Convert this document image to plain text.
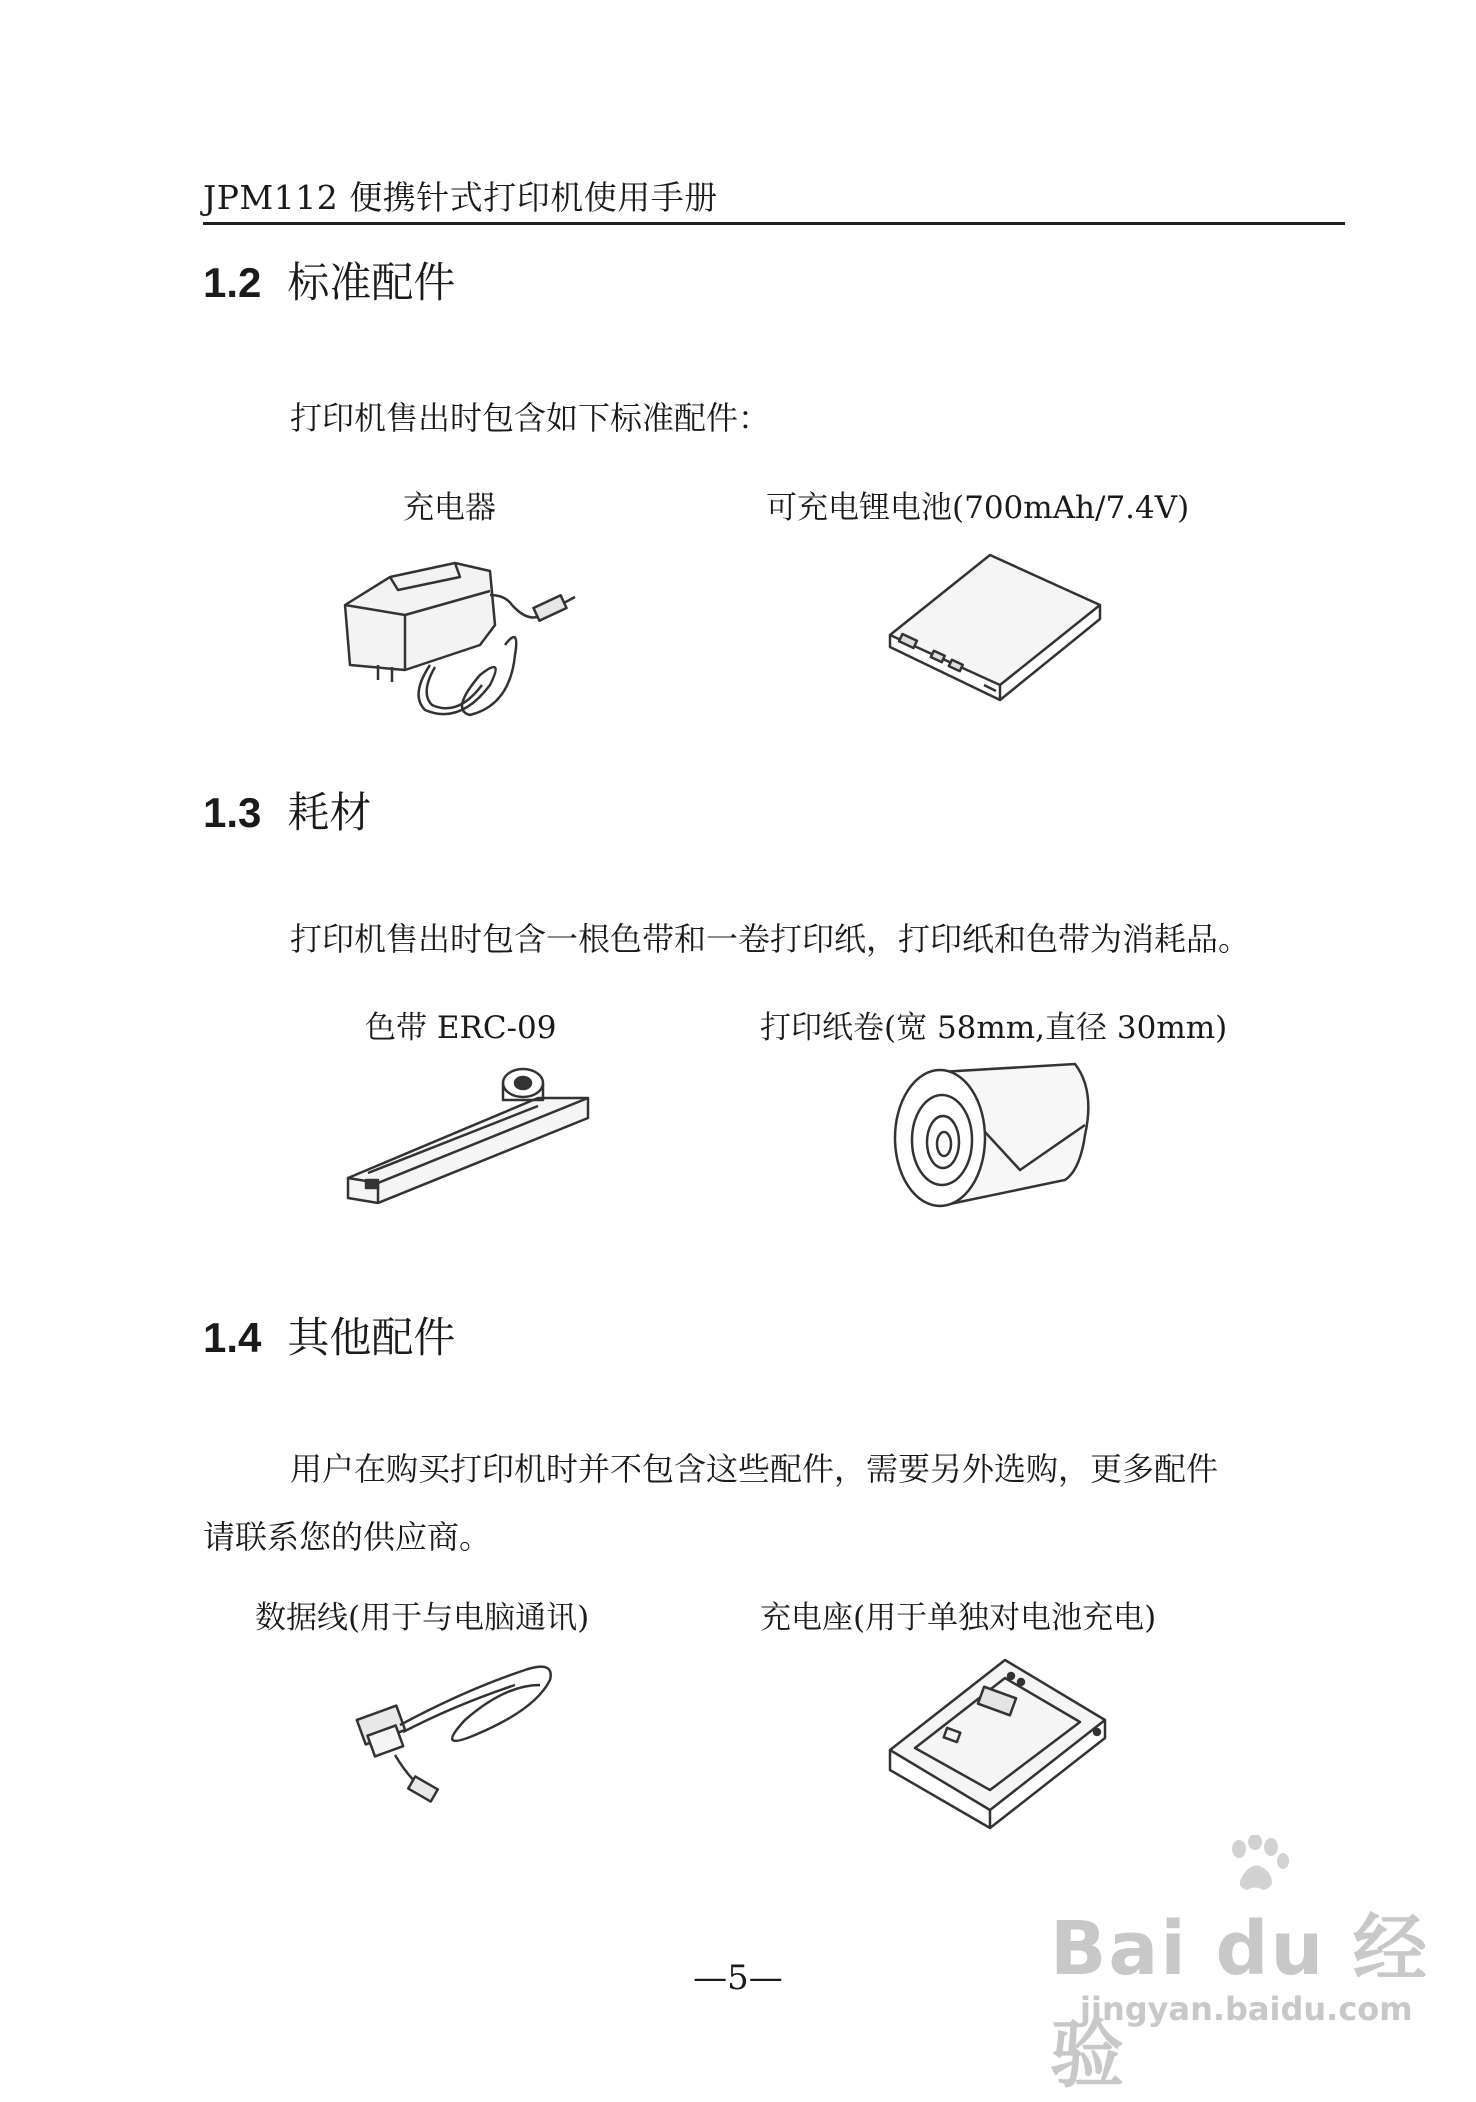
JPM112 便携针式打印机使用手册
1.2 标准配件
打印机售出时包含如下标准配件：
充电器	可充电锂电池(700mAh/7.4V)
1.3 耗材
打印机售出时包含一根色带和一卷打印纸，打印纸和色带为消耗品。
色带 ERC-09	打印纸卷(宽 58mm,直径 30mm)
1.4 其他配件
用户在购买打印机时并不包含这些配件，需要另外选购，更多配件
请联系您的供应商。
数据线(用于与电脑通讯)	充电座(用于单独对电池充电)
—5—	Bai du 经验
jingyan.baidu.com
